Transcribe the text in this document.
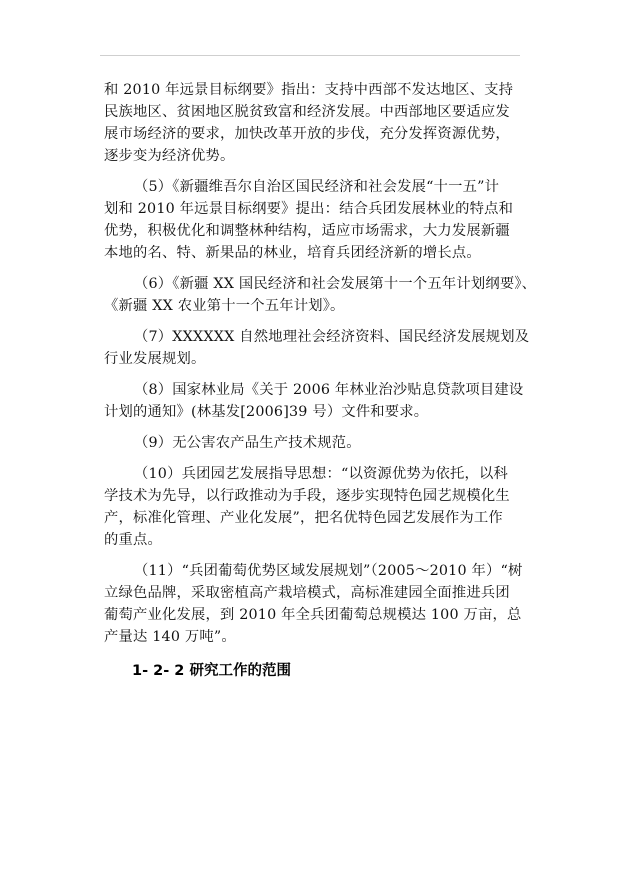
和 2010 年远景目标纲要》指出：支持中西部不发达地区、支持
民族地区、贫困地区脱贫致富和经济发展。中西部地区要适应发
展市场经济的要求，加快改革开放的步伐，充分发挥资源优势，
逐步变为经济优势。
（5）《新疆维吾尔自治区国民经济和社会发展“十一五”计
划和 2010 年远景目标纲要》提出：结合兵团发展林业的特点和
优势，积极优化和调整林种结构，适应市场需求，大力发展新疆
本地的名、特、新果品的林业，培育兵团经济新的增长点。
（6）《新疆 XX 国民经济和社会发展第十一个五年计划纲要》、
《新疆 XX 农业第十一个五年计划》。
（7）XXXXXX 自然地理社会经济资料、国民经济发展规划及
行业发展规划。
（8）国家林业局《关于 2006 年林业治沙贴息贷款项目建设
计划的通知》(林基发[2006]39 号）文件和要求。
（9）无公害农产品生产技术规范。
（10）兵团园艺发展指导思想：“以资源优势为依托，以科
学技术为先导，以行政推动为手段，逐步实现特色园艺规模化生
产，标准化管理、产业化发展”，把名优特色园艺发展作为工作
的重点。
（11）“兵团葡萄优势区域发展规划”（2005～2010 年）“树
立绿色品牌，采取密植高产栽培模式，高标准建园全面推进兵团
葡萄产业化发展，到 2010 年全兵团葡萄总规模达 100 万亩，总
产量达 140 万吨”。
1- 2- 2 研究工作的范围
